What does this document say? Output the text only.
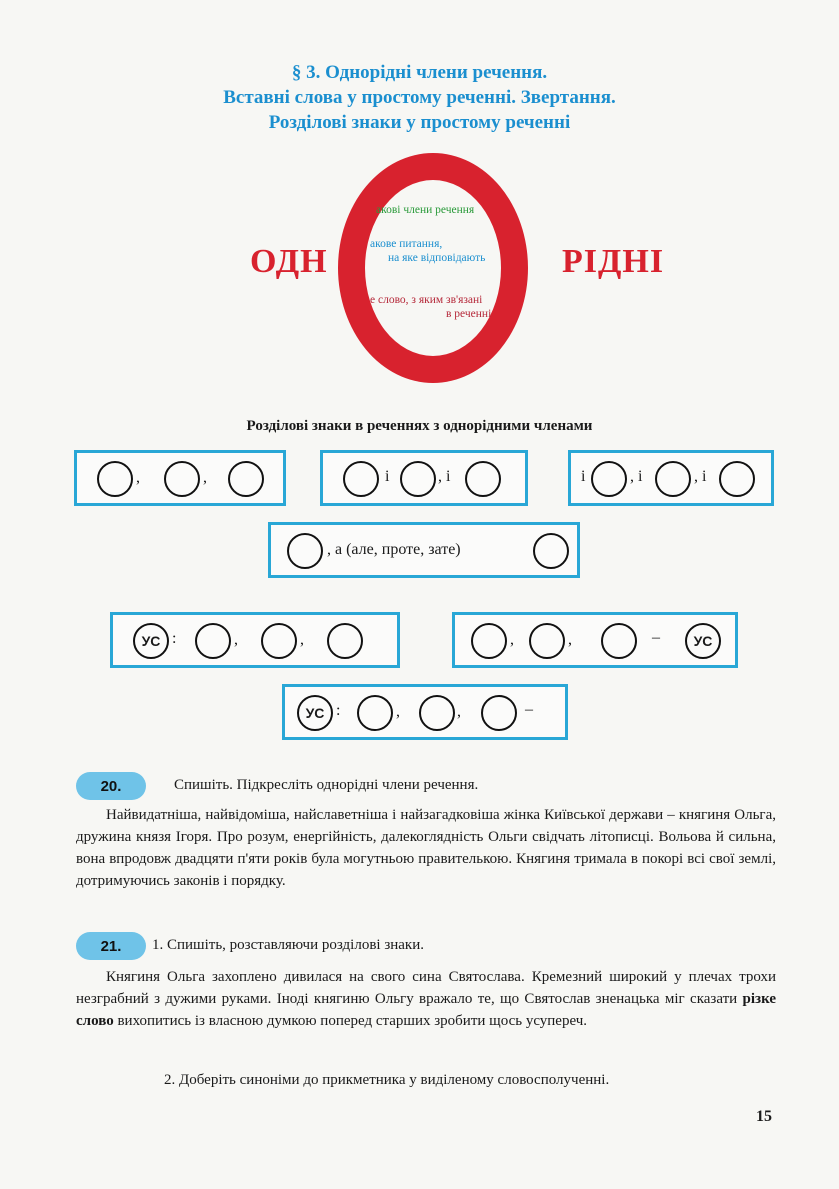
§ 3. Однорідні члени речення.
Вставні слова у простому реченні. Звертання.
Розділові знаки у простому реченні
ОДН	РІДНІ
акові члени речення
акове питання,
на яке відповідають
е слово, з яким зв'язані
в реченні
Розділові знаки в реченнях з однорідними членами
,	,	і	, і	і	, і	, і
, а (але, проте, зате)
УС :	,	,	,	,	–	УС
УС :	,	,	–
20.	Спишіть. Підкресліть однорідні члени речення.

Найвидатніша, найвідоміша, найславетніша і найзагадковіша жінка Київської держави – княгиня Ольга, дружина князя Ігоря. Про розум, енергійність, далекоглядність Ольги свідчать літописці. Вольова й сильна, вона впродовж двадцяти п'яти років була могутньою правителькою. Княгиня тримала в покорі всі свої землі, дотримуючись законів і порядку.

21.	1. Спишіть, розставляючи розділові знаки.

Княгиня Ольга захоплено дивилася на свого сина Святослава. Кремезний широкий у плечах трохи незграбний з дужими руками. Іноді княгиню Ольгу вражало те, що Святослав зненацька міг сказати різке слово вихопитись із власною думкою поперед старших зробити щось усупереч.

2. Доберіть синоніми до прикметника у виділеному словосполученні.
15
